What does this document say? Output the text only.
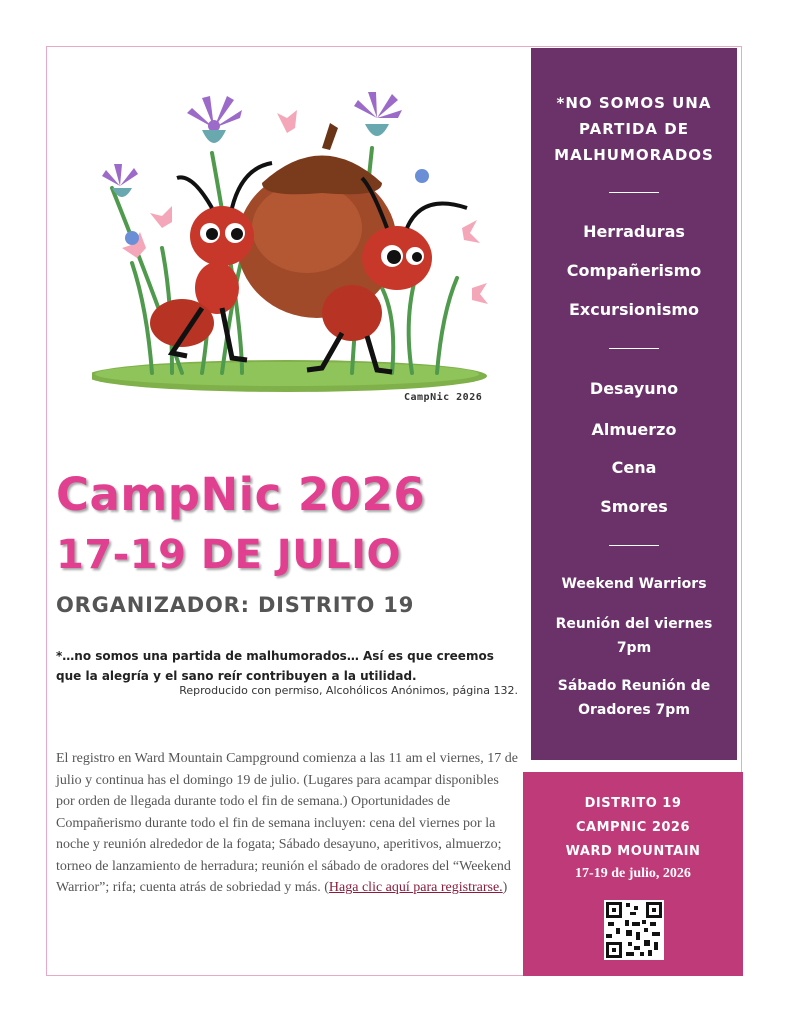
CampNic 2026
CampNic 2026
17-19 DE JULIO
ORGANIZADOR: DISTRITO 19
*…no somos una partida de malhumorados… Así es que creemos que la alegría y el sano reír contribuyen a la utilidad.
Reproducido con permiso, Alcohólicos Anónimos, página 132.
El registro en Ward Mountain Campground comienza a las 11 am el viernes, 17 de julio y continua has el domingo 19 de julio. (Lugares para acampar disponibles por orden de llegada durante todo el fin de semana.) Oportunidades de Compañerismo durante todo el fin de semana incluyen: cena del viernes por la noche y reunión alrededor de la fogata; Sábado desayuno, aperitivos, almuerzo; torneo de lanzamiento de herradura; reunión el sábado de oradores del “Weekend Warrior”; rifa; cuenta atrás de sobriedad y más. (Haga clic aquí para registrarse.)
*NO SOMOS UNA PARTIDA DE MALHUMORADOS
Herraduras
Compañerismo
Excursionismo
Desayuno
Almuerzo
Cena
Smores
Weekend Warriors
Reunión del viernes 7pm
Sábado Reunión de Oradores 7pm
DISTRITO 19
CAMPNIC 2026
WARD MOUNTAIN
17-19 de julio, 2026
